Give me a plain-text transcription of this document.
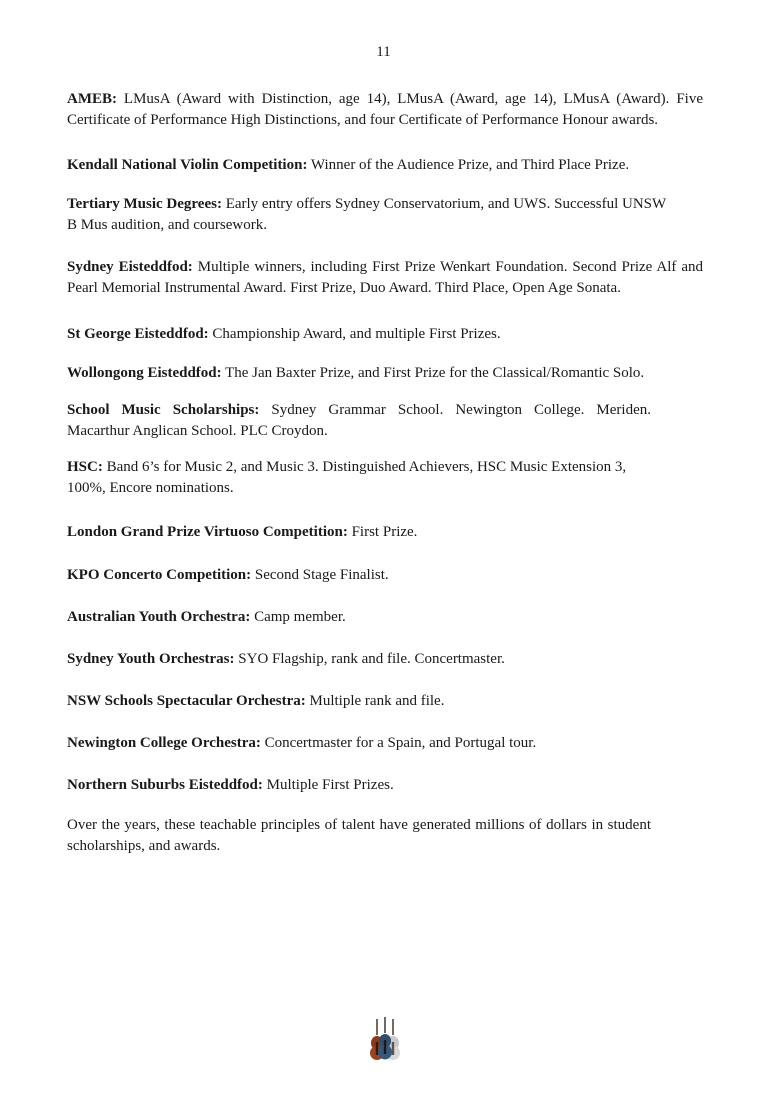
11

AMEB: LMusA (Award with Distinction, age 14), LMusA (Award, age 14), LMusA (Award). Five Certificate of Performance High Distinctions, and four Certificate of Performance Honour awards.

Kendall National Violin Competition: Winner of the Audience Prize, and Third Place Prize.

Tertiary Music Degrees: Early entry offers Sydney Conservatorium, and UWS. Successful UNSW B Mus audition, and coursework.

Sydney Eisteddfod: Multiple winners, including First Prize Wenkart Foundation. Second Prize Alf and Pearl Memorial Instrumental Award. First Prize, Duo Award. Third Place, Open Age Sonata.

St George Eisteddfod: Championship Award, and multiple First Prizes.

Wollongong Eisteddfod: The Jan Baxter Prize, and First Prize for the Classical/Romantic Solo.

School Music Scholarships: Sydney Grammar School. Newington College. Meriden. Macarthur Anglican School. PLC Croydon.

HSC: Band 6’s for Music 2, and Music 3. Distinguished Achievers, HSC Music Extension 3, 100%, Encore nominations.

London Grand Prize Virtuoso Competition: First Prize.

KPO Concerto Competition: Second Stage Finalist.

Australian Youth Orchestra: Camp member.

Sydney Youth Orchestras: SYO Flagship, rank and file. Concertmaster.

NSW Schools Spectacular Orchestra: Multiple rank and file.

Newington College Orchestra: Concertmaster for a Spain, and Portugal tour.

Northern Suburbs Eisteddfod: Multiple First Prizes.

Over the years, these teachable principles of talent have generated millions of dollars in student scholarships, and awards.
